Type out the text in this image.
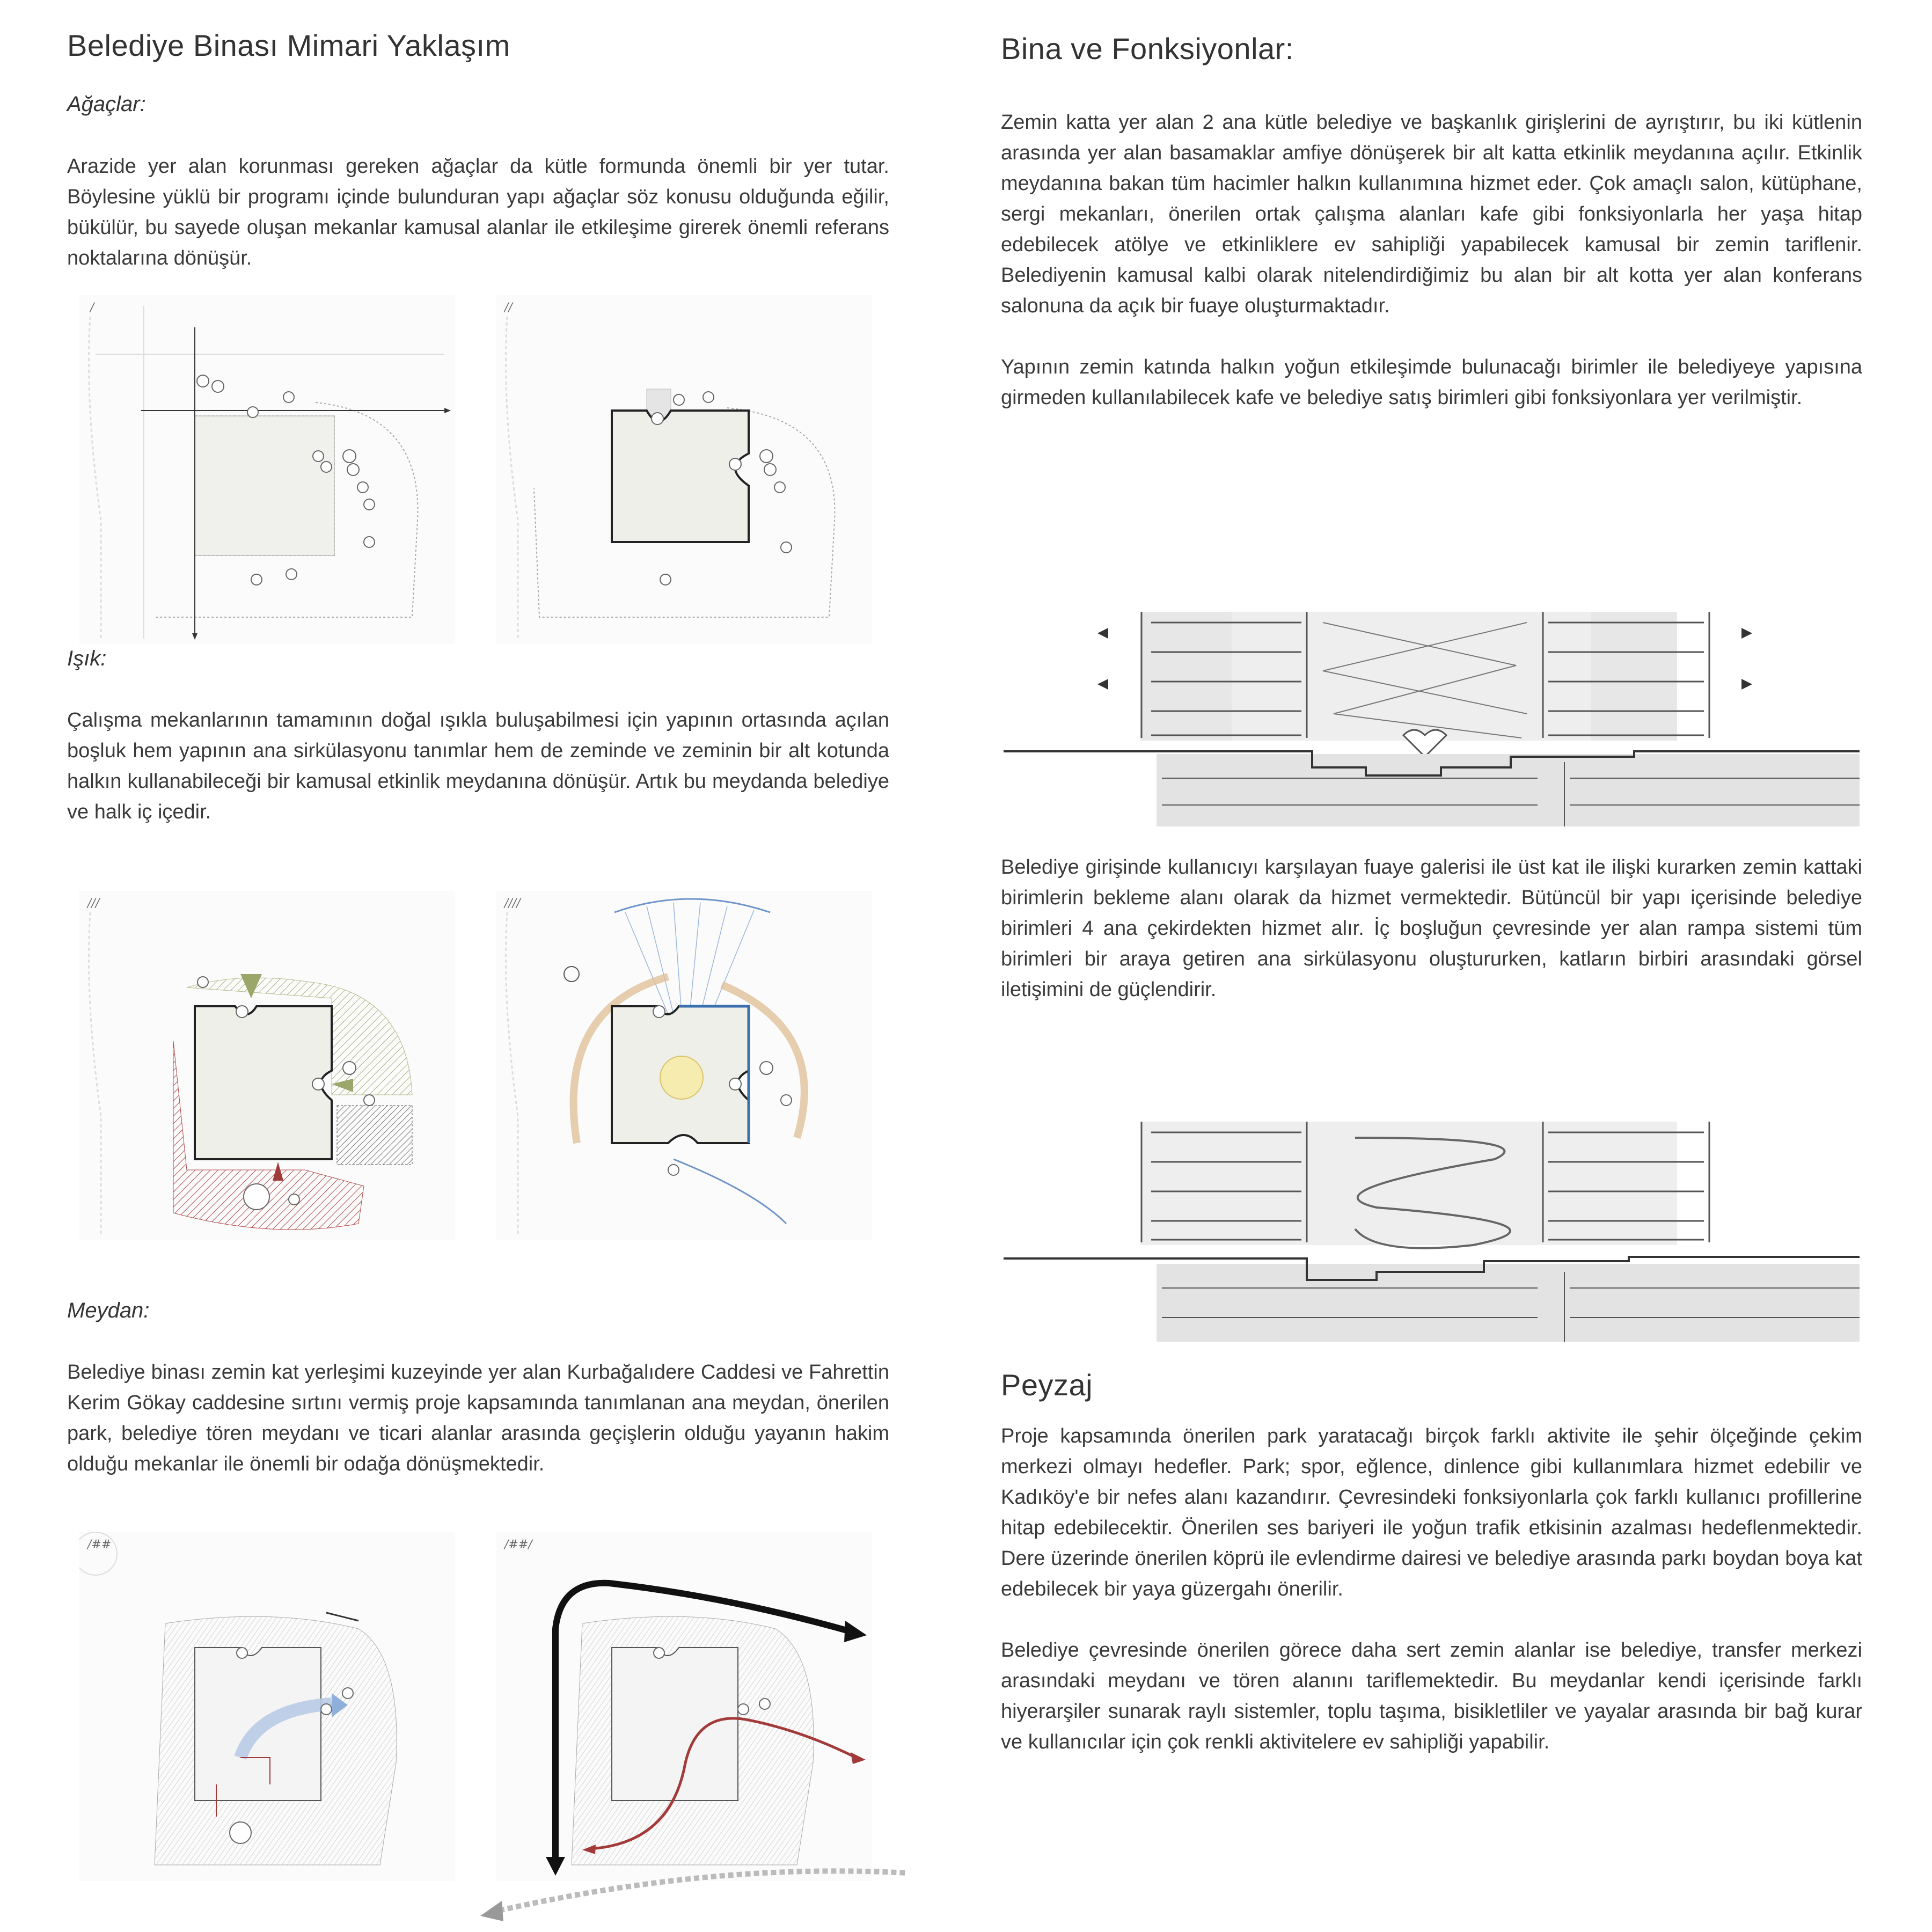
Belediye Binası Mimari Yaklaşım
Ağaçlar:
Arazide yer alan korunması gereken ağaçlar da kütle formunda önemli bir yer tutar. Böylesine yüklü bir programı içinde bulunduran yapı ağaçlar söz konusu olduğunda eğilir, bükülür, bu sayede oluşan mekanlar kamusal alanlar ile etkileşime girerek önemli referans noktalarına dönüşür.
/	//
Işık:
Çalışma mekanlarının tamamının doğal ışıkla buluşabilmesi için yapının ortasında açılan boşluk hem yapının ana sirkülasyonu tanımlar hem de zeminde ve zeminin bir alt kotunda halkın kullanabileceği bir kamusal etkinlik meydanına dönüşür. Artık bu meydanda belediye ve halk iç içedir.
///	////
Meydan:
Belediye binası zemin kat yerleşimi kuzeyinde yer alan Kurbağalıdere Caddesi ve Fahrettin Kerim Gökay caddesine sırtını vermiş proje kapsamında tanımlanan ana meydan, önerilen park, belediye tören meydanı ve ticari alanlar arasında geçişlerin olduğu yayanın hakim olduğu mekanlar ile önemli bir odağa dönüşmektedir.
/##	/##/
Bina ve Fonksiyonlar:

Zemin katta yer alan 2 ana kütle belediye ve başkanlık girişlerini de ayrıştırır, bu iki kütlenin arasında yer alan basamaklar amfiye dönüşerek bir alt katta etkinlik meydanına açılır. Etkinlik meydanına bakan tüm hacimler halkın kullanımına hizmet eder. Çok amaçlı salon, kütüphane, sergi mekanları, önerilen ortak çalışma alanları kafe gibi fonksiyonlarla her yaşa hitap edebilecek atölye ve etkinliklere ev sahipliği yapabilecek kamusal bir zemin tariflenir. Belediyenin kamusal kalbi olarak nitelendirdiğimiz bu alan bir alt kotta yer alan konferans salonuna da açık bir fuaye oluşturmaktadır.

Yapının zemin katında halkın yoğun etkileşimde bulunacağı birimler ile belediyeye yapısına girmeden kullanılabilecek kafe ve belediye satış birimleri gibi fonksiyonlara yer verilmiştir.

Belediye girişinde kullanıcıyı karşılayan fuaye galerisi ile üst kat ile ilişki kurarken zemin kattaki birimlerin bekleme alanı olarak da hizmet vermektedir. Bütüncül bir yapı içerisinde belediye birimleri 4 ana çekirdekten hizmet alır. İç boşluğun çevresinde yer alan rampa sistemi tüm birimleri bir araya getiren ana sirkülasyonu oluştururken, katların birbiri arasındaki görsel iletişimini de güçlendirir.
Peyzaj

Proje kapsamında önerilen park yaratacağı birçok farklı aktivite ile şehir ölçeğinde çekim merkezi olmayı hedefler. Park; spor, eğlence, dinlence gibi kullanımlara hizmet edebilir ve Kadıköy'e bir nefes alanı kazandırır. Çevresindeki fonksiyonlarla çok farklı kullanıcı profillerine hitap edebilecektir. Önerilen ses bariyeri ile yoğun trafik etkisinin azalması hedeflenmektedir. Dere üzerinde önerilen köprü ile evlendirme dairesi ve belediye arasında parkı boydan boya kat edebilecek bir yaya güzergahı önerilir.

Belediye çevresinde önerilen görece daha sert zemin alanlar ise belediye, transfer merkezi arasındaki meydanı ve tören alanını tariflemektedir. Bu meydanlar kendi içerisinde farklı hiyerarşiler sunarak raylı sistemler, toplu taşıma, bisikletliler ve yayalar arasında bir bağ kurar ve kullanıcılar için çok renkli aktivitelere ev sahipliği yapabilir.
